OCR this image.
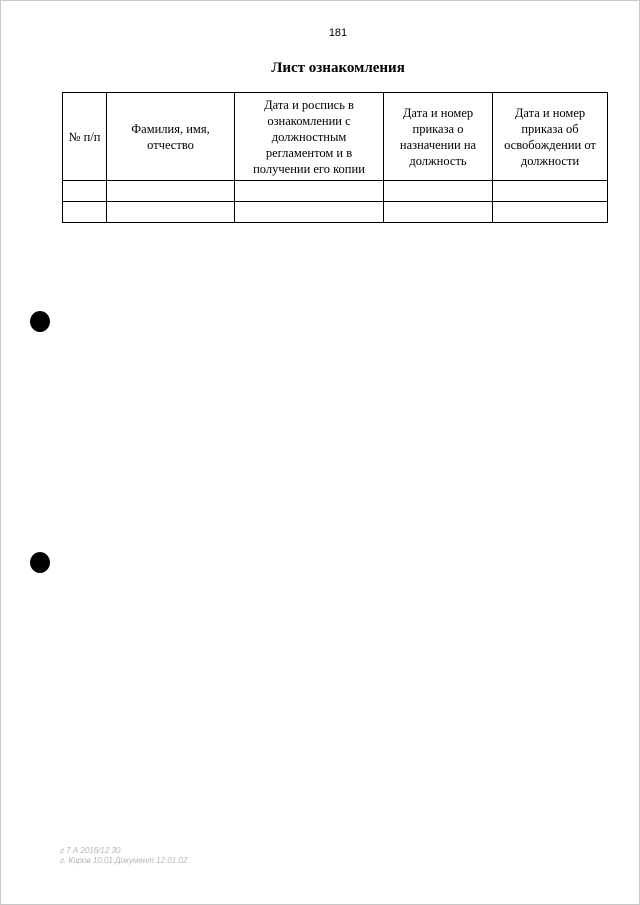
181
Лист ознакомления
№ п/п	Фамилия, имя, отчество	Дата и роспись в ознакомлении с должностным регламентом и в получении его копии	Дата и номер приказа о назначении на должность	Дата и номер приказа об освобождении от должности

г 7 А 2016/12 30
г. Киров 10.01.Документ 12.01.02
